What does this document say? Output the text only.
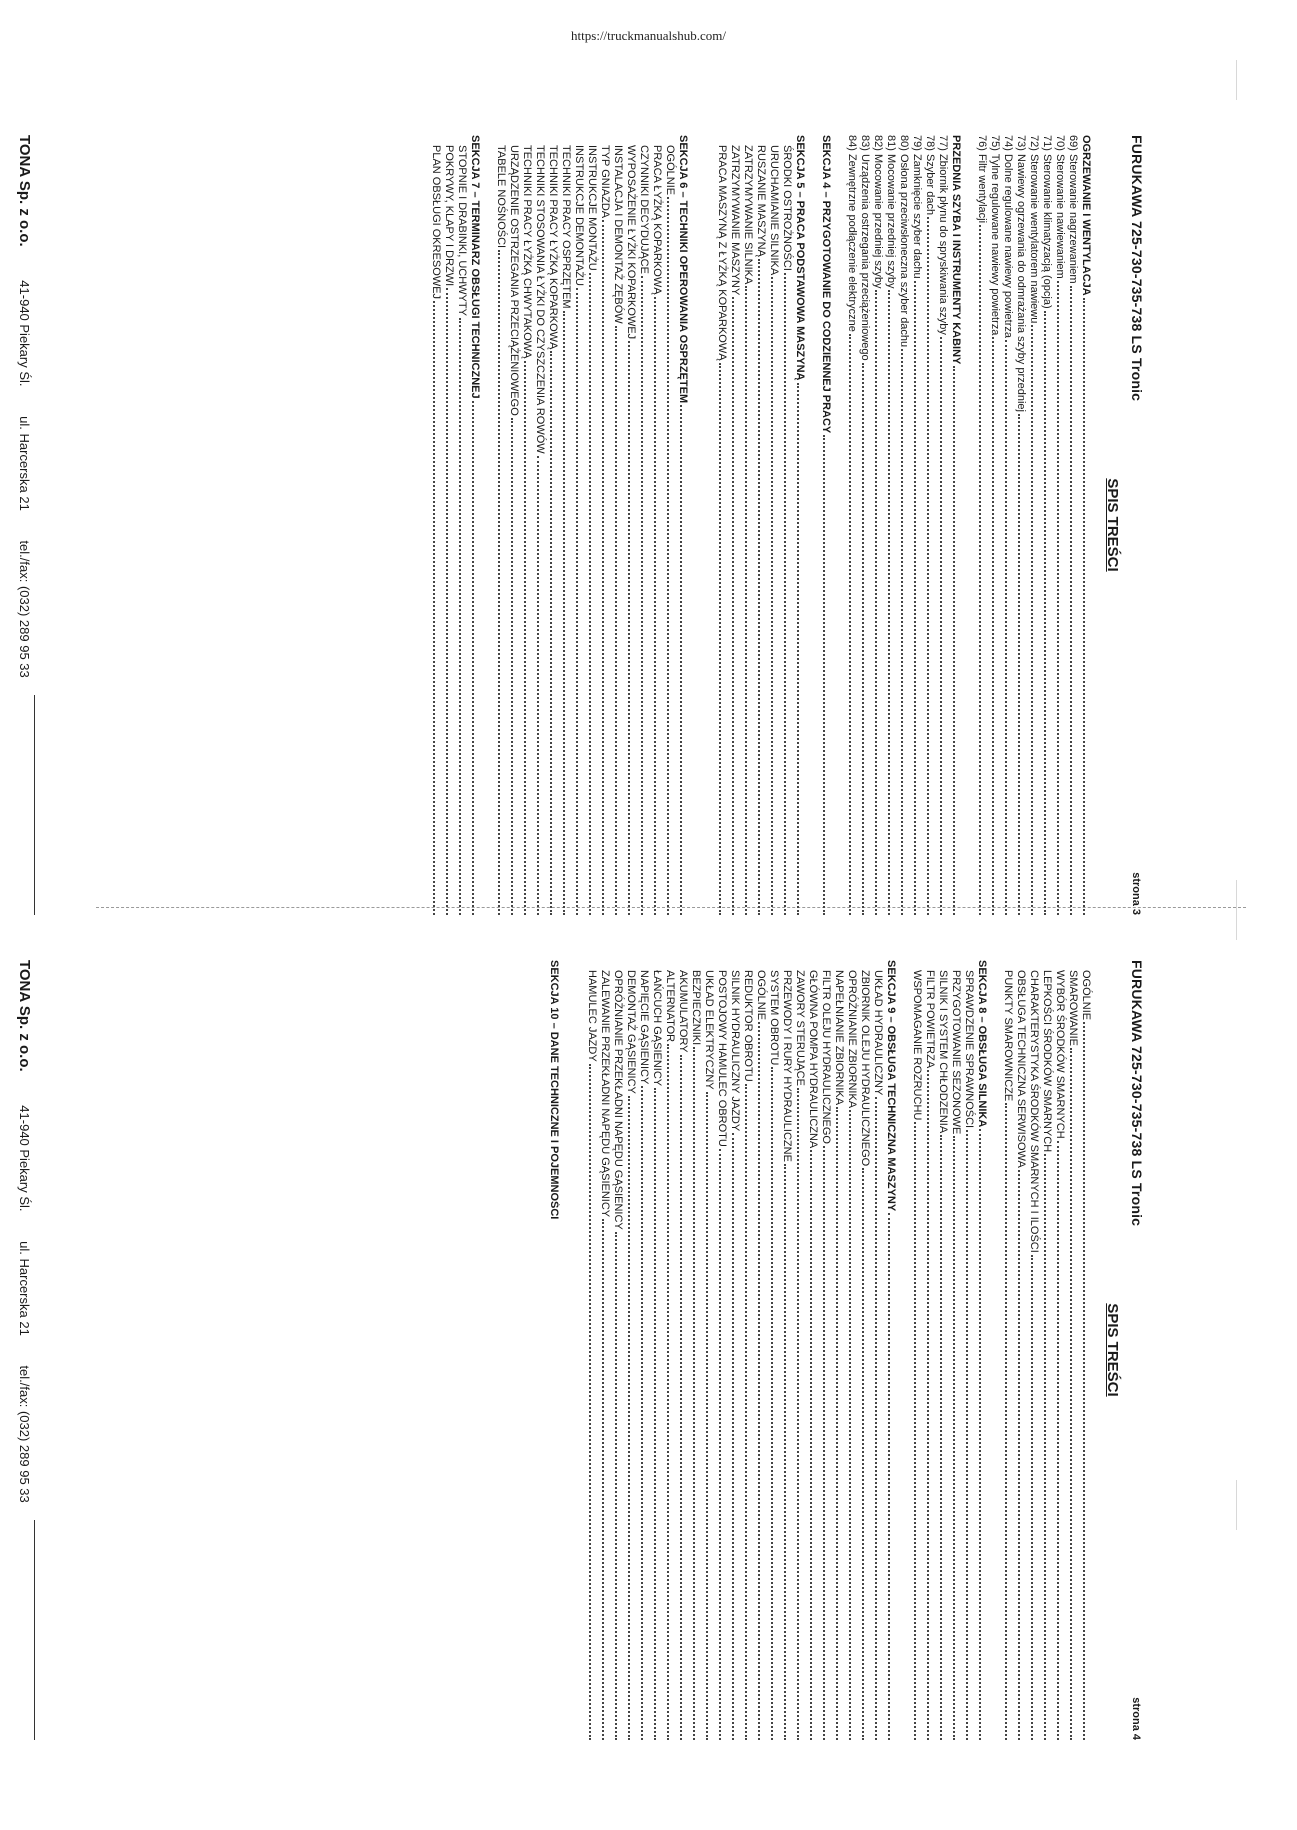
https://truckmanualshub.com/
FURUKAWA 725-730-735-738 LS Tronic
strona 3
SPIS TREŚCI
OGRZEWANIE I WENTYLACJA
69) Sterowanie nagrzewaniem
70) Sterowanie nawiewaniem
71) Sterowanie klimatyzacją (opcja)
72) Sterowanie wentylatorem nawiewu
73) Nawiewy ogrzewania do odmrażania szyby przedniej
74) Dolne regulowane nawiewy powietrza
75) Tylne regulowane nawiewy powietrza
76) Filtr wentylacji
PRZEDNIA SZYBA I INSTRUMENTY KABINY
77) Zbiornik płynu do spryskiwania szyby
78) Szyber dach
79) Zamknięcie szyber dachu
80) Osłona przeciwsłoneczna szyber dachu
81) Mocowanie przedniej szyby
82) Mocowanie przedniej szyby
83) Urządzenia ostrzegania przeciążeniowego
84) Zewnętrzne podłączenie elektryczne
SEKCJA 4 – PRZYGOTOWANIE DO CODZIENNEJ PRACY
SEKCJA 5 – PRACA PODSTAWOWA MASZYNĄ
ŚRODKI OSTROŻNOŚCI
URUCHAMIANIE SILNIKA
RUSZANIE MASZYNĄ
ZATRZYMYWANIE SILNIKA
ZATRZYMYWANIE MASZYNY
PRACA MASZYNĄ Z ŁYŻKĄ KOPARKOWĄ
SEKCJA 6 – TECHNIKI OPEROWANIA OSPRZĘTEM
OGÓLNIE
PRACA ŁYŻKĄ KOPARKOWĄ
CZYNNIKI DECYDUJĄCE
WYPOSAŻENIE ŁYŻKI KOPARKOWEJ
INSTALACJA I DEMONTAŻ ZĘBÓW
TYP GNIAZDA
INSTRUKCJE MONTAŻU
INSTRUKCJE DEMONTAŻU
TECHNIKI PRACY OSPRZĘTEM
TECHNIKI PRACY ŁYŻKĄ KOPARKOWĄ
TECHNIKI STOSOWANIA ŁYŻKI DO CZYSZCZENIA ROWÓW
TECHNIKI PRACY ŁYŻKĄ CHWYTAKOWĄ
URZĄDZENIE OSTRZEGANIA PRZECIĄŻENIOWEGO
TABELE NOŚNOŚCI
SEKCJA 7 – TERMINARZ OBSŁUGI TECHNICZNEJ
STOPNIE I DRABINKI, UCHWYTY
POKRYWY, KLAPY I DRZWI
PLAN OBSŁUGI OKRESOWEJ
TONA Sp. z o.o. 41-940 Piekary Śl. ul. Harcerska 21 tel./fax: (032) 289 95 33
FURUKAWA 725-730-735-738 LS Tronic
strona 4
SPIS TREŚCI
OGÓLNIE
SMAROWANIE
WYBÓR ŚRODKÓW SMARNYCH
LEPKOŚCI ŚRODKÓW SMARNYCH
CHARAKTERYSTYKA ŚRODKÓW SMARNYCH I ILOŚCI
OBSŁUGA TECHNICZNA SERWISOWA
PUNKTY SMAROWNICZE
SEKCJA 8 – OBSŁUGA SILNIKA
SPRAWDZENIE SPRAWNOŚCI
PRZYGOTOWANIE SEZONOWE
SILNIK I SYSTEM CHŁODZENIA
FILTR POWIETRZA
WSPOMAGANIE ROZRUCHU
SEKCJA 9 – OBSŁUGA TECHNICZNA MASZYNY
UKŁAD HYDRAULICZNY
ZBIORNIK OLEJU HYDRAULICZNEGO
OPRÓŻNIANIE ZBIORNIKA
NAPEŁNIANIE ZBIORNIKA
FILTR OLEJU HYDRAULICZNEGO
GŁÓWNA POMPA HYDRAULICZNA
ZAWORY STERUJĄCE
PRZEWODY I RURY HYDRAULICZNE
SYSTEM OBROTU
OGÓLNIE
REDUKTOR OBROTU
SILNIK HYDRAULICZNY JAZDY
POSTOJOWY HAMULEC OBROTU
UKŁAD ELEKTRYCZNY
BEZPIECZNIKI
AKUMULATORY
ALTERNATOR
ŁAŃCUCH GĄSIENICY
NAPIĘCIE GĄSIENICY
DEMONTAŻ GĄSIENICY
OPRÓŻNIANIE PRZEKŁADNI NAPĘDU GĄSIENICY
ZALEWANIE PRZEKŁADNI NAPĘDU GĄSIENICY
HAMULEC JAZDY
SEKCJA 10 – DANE TECHNICZNE I POJEMNOŚCI
TONA Sp. z o.o. 41-940 Piekary Śl. ul. Harcerska 21 tel./fax: (032) 289 95 33
